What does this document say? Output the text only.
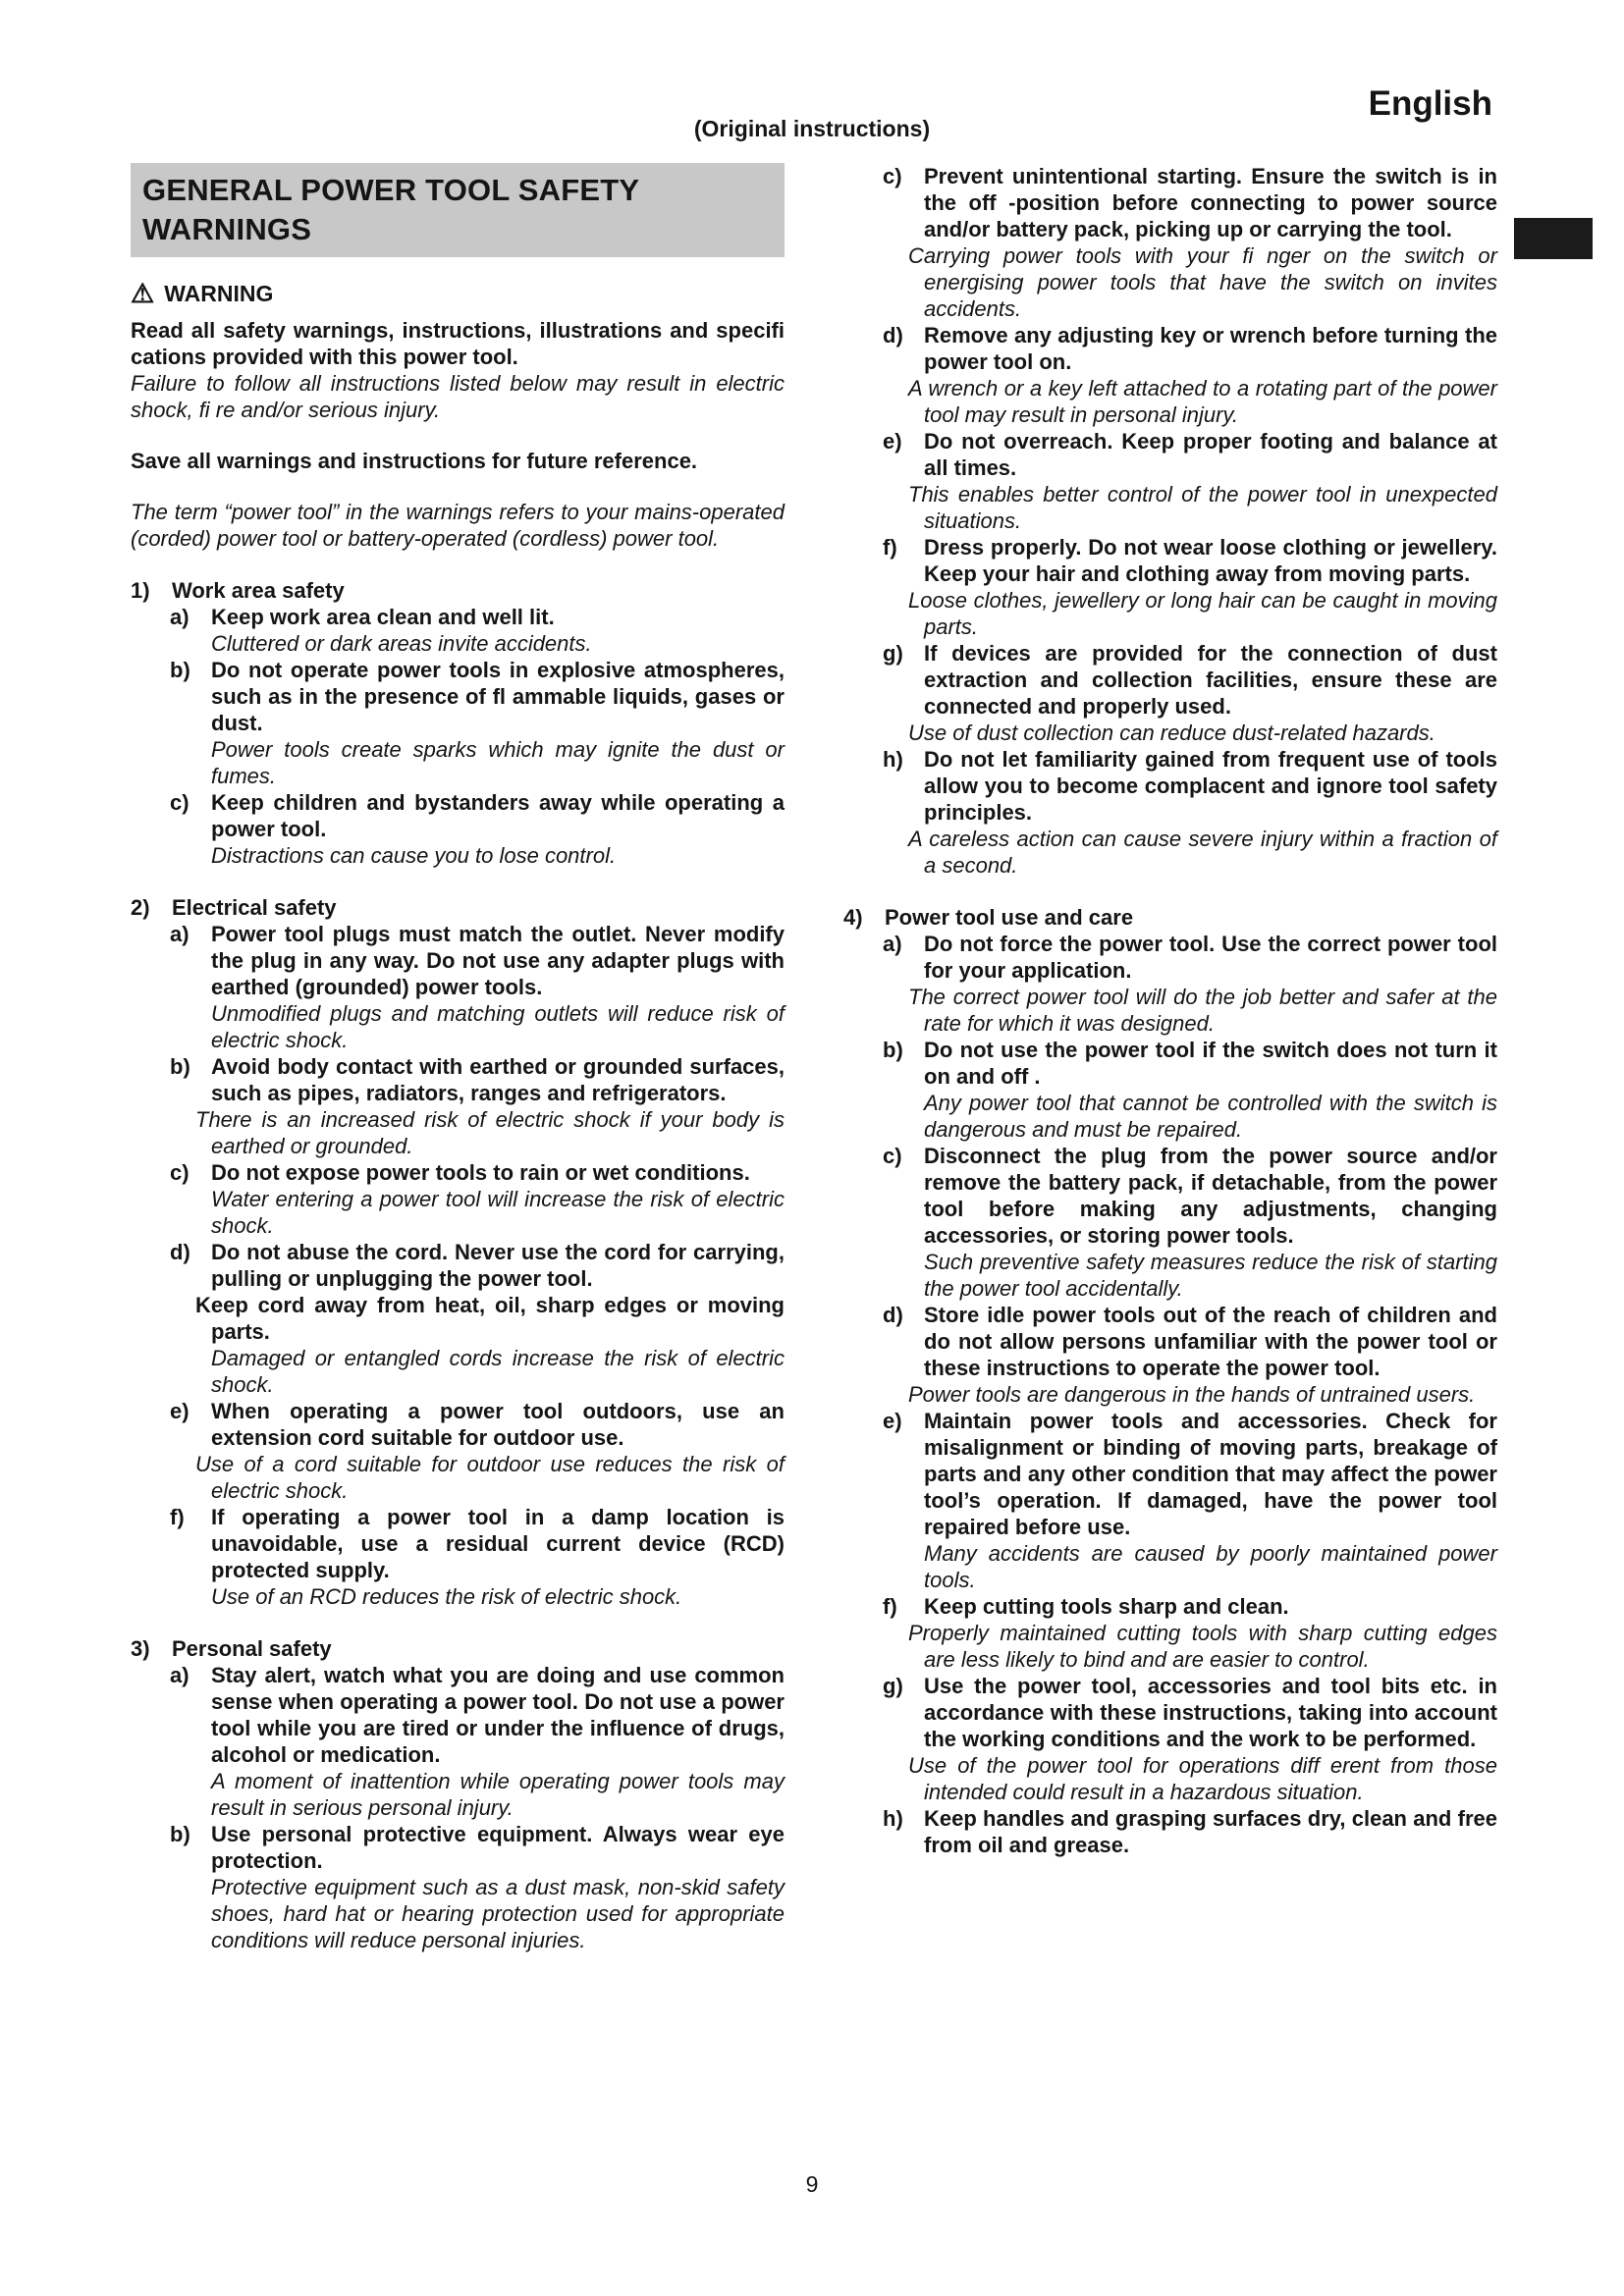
(Original instructions)
English
GENERAL POWER TOOL SAFETY WARNINGS
⚠ WARNING

Read all safety warnings, instructions, illustrations and specifi cations provided with this power tool.

Failure to follow all instructions listed below may result in electric shock, fi re and/or serious injury.

Save all warnings and instructions for future reference.

The term “power tool” in the warnings refers to your mains-operated (corded) power tool or battery-operated (cordless) power tool.

1) Work area safety
a) Keep work area clean and well lit.

Cluttered or dark areas invite accidents.

b) Do not operate power tools in explosive atmospheres, such as in the presence of fl ammable liquids, gases or dust.

Power tools create sparks which may ignite the dust or fumes.

c) Keep children and bystanders away while operating a power tool.

Distractions can cause you to lose control.

2) Electrical safety
a) Power tool plugs must match the outlet. Never modify the plug in any way. Do not use any adapter plugs with earthed (grounded) power tools.

Unmodified plugs and matching outlets will reduce risk of electric shock.

b) Avoid body contact with earthed or grounded surfaces, such as pipes, radiators, ranges and refrigerators.

There is an increased risk of electric shock if your body is earthed or grounded.

c) Do not expose power tools to rain or wet conditions.

Water entering a power tool will increase the risk of electric shock.

d) Do not abuse the cord. Never use the cord for carrying, pulling or unplugging the power tool.

Keep cord away from heat, oil, sharp edges or moving parts.

Damaged or entangled cords increase the risk of electric shock.

e) When operating a power tool outdoors, use an extension cord suitable for outdoor use.

Use of a cord suitable for outdoor use reduces the risk of electric shock.

f) If operating a power tool in a damp location is unavoidable, use a residual current device (RCD) protected supply.

Use of an RCD reduces the risk of electric shock.

3) Personal safety
a) Stay alert, watch what you are doing and use common sense when operating a power tool. Do not use a power tool while you are tired or under the influence of drugs, alcohol or medication.

A moment of inattention while operating power tools may result in serious personal injury.

b) Use personal protective equipment. Always wear eye protection.

Protective equipment such as a dust mask, non-skid safety shoes, hard hat or hearing protection used for appropriate conditions will reduce personal injuries.

c) Prevent unintentional starting. Ensure the switch is in the off -position before connecting to power source and/or battery pack, picking up or carrying the tool.

Carrying power tools with your fi nger on the switch or energising power tools that have the switch on invites accidents.

d) Remove any adjusting key or wrench before turning the power tool on.

A wrench or a key left attached to a rotating part of the power tool may result in personal injury.

e) Do not overreach. Keep proper footing and balance at all times.

This enables better control of the power tool in unexpected situations.

f) Dress properly. Do not wear loose clothing or jewellery. Keep your hair and clothing away from moving parts.

Loose clothes, jewellery or long hair can be caught in moving parts.

g) If devices are provided for the connection of dust extraction and collection facilities, ensure these are connected and properly used.

Use of dust collection can reduce dust-related hazards.

h) Do not let familiarity gained from frequent use of tools allow you to become complacent and ignore tool safety principles.

A careless action can cause severe injury within a fraction of a second.

4) Power tool use and care
a) Do not force the power tool. Use the correct power tool for your application.

The correct power tool will do the job better and safer at the rate for which it was designed.

b) Do not use the power tool if the switch does not turn it on and off .

Any power tool that cannot be controlled with the switch is dangerous and must be repaired.

c) Disconnect the plug from the power source and/or remove the battery pack, if detachable, from the power tool before making any adjustments, changing accessories, or storing power tools.

Such preventive safety measures reduce the risk of starting the power tool accidentally.

d) Store idle power tools out of the reach of children and do not allow persons unfamiliar with the power tool or these instructions to operate the power tool.

Power tools are dangerous in the hands of untrained users.

e) Maintain power tools and accessories. Check for misalignment or binding of moving parts, breakage of parts and any other condition that may affect the power tool’s operation. If damaged, have the power tool repaired before use.

Many accidents are caused by poorly maintained power tools.

f) Keep cutting tools sharp and clean.

Properly maintained cutting tools with sharp cutting edges are less likely to bind and are easier to control.

g) Use the power tool, accessories and tool bits etc. in accordance with these instructions, taking into account the working conditions and the work to be performed.

Use of the power tool for operations diff erent from those intended could result in a hazardous situation.

h) Keep handles and grasping surfaces dry, clean and free from oil and grease.

9
